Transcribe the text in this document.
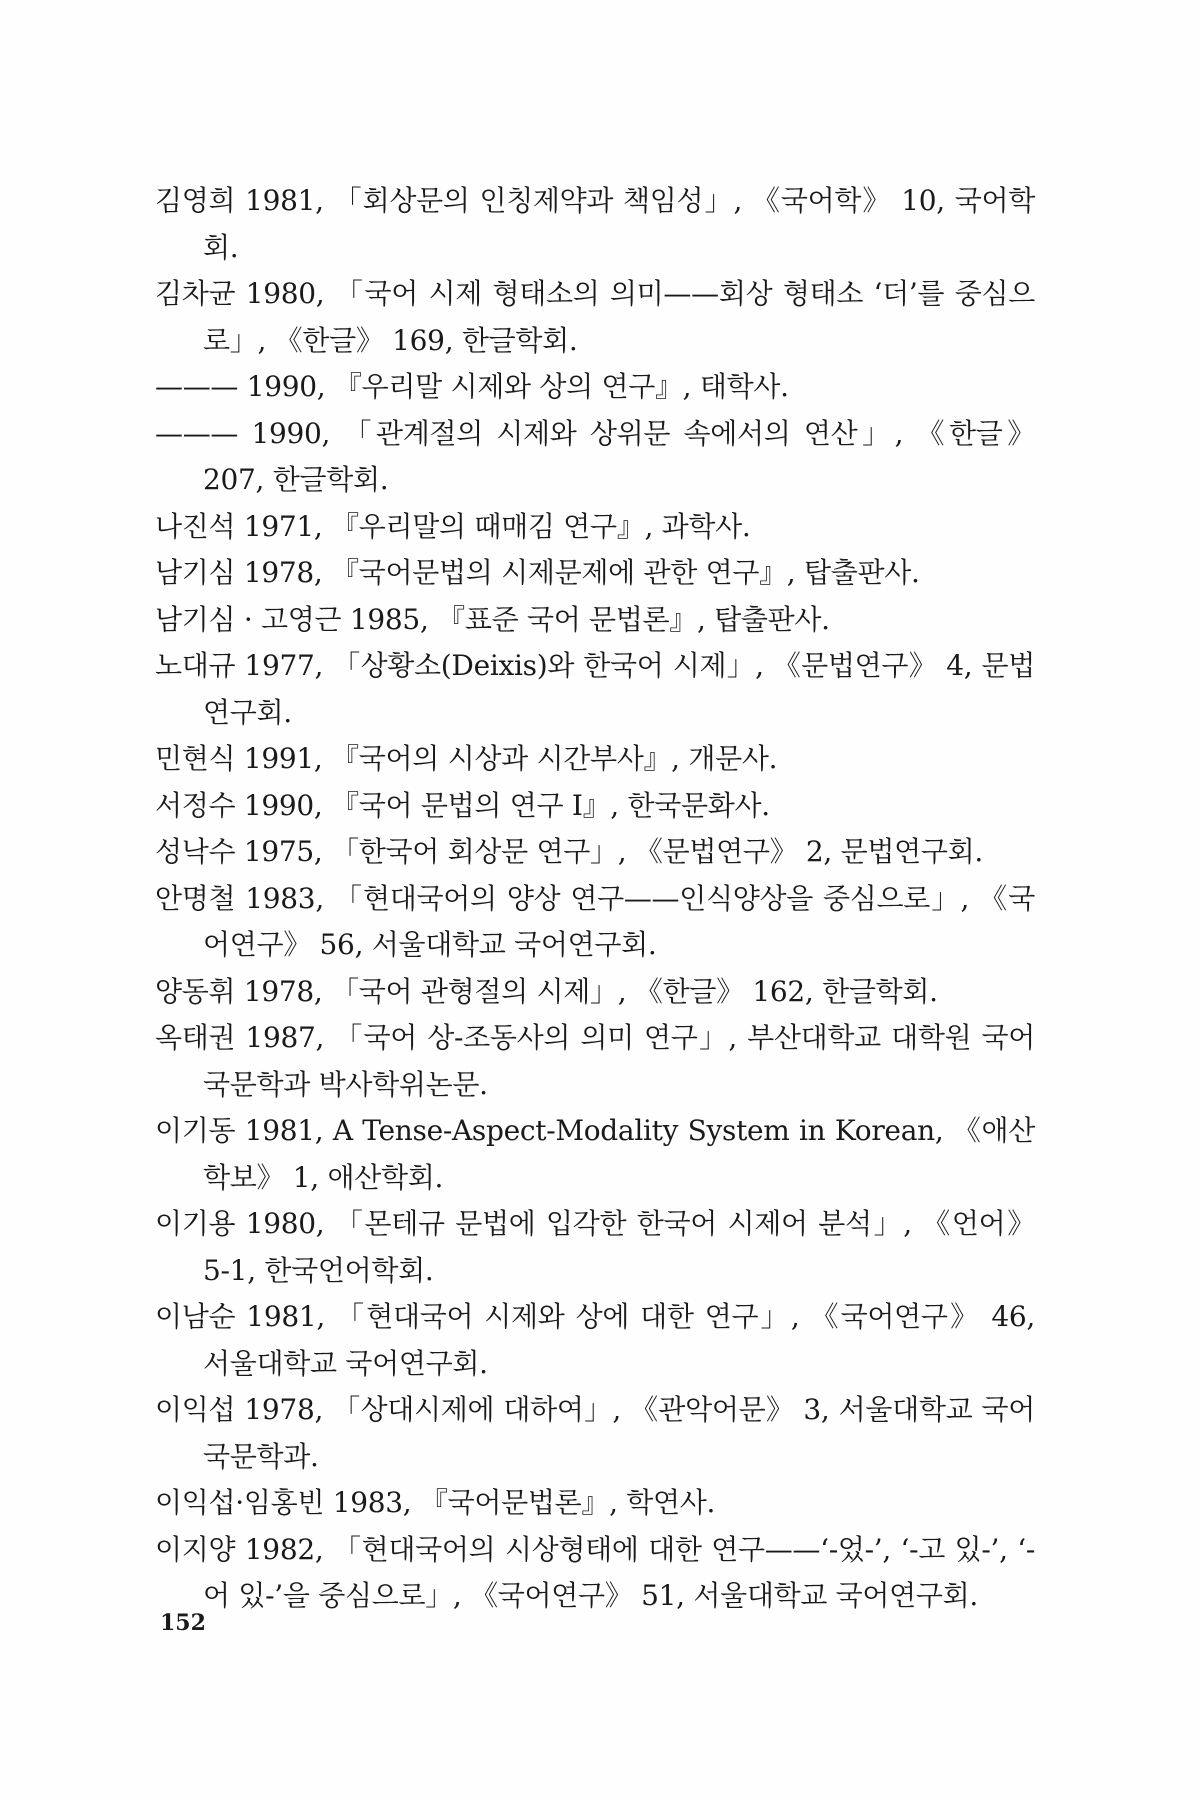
김영희 1981, 「회상문의 인칭제약과 책임성」, 《국어학》 10, 국어학회.

김차균 1980, 「국어 시제 형태소의 의미——회상 형태소 ‘더’를 중심으로」, 《한글》 169, 한글학회.

——— 1990, 『우리말 시제와 상의 연구』, 태학사.

——— 1990, 「관계절의 시제와 상위문 속에서의 연산」, 《한글》 207, 한글학회.

나진석 1971, 『우리말의 때매김 연구』, 과학사.

남기심 1978, 『국어문법의 시제문제에 관한 연구』, 탑출판사.

남기심 · 고영근 1985, 『표준 국어 문법론』, 탑출판사.

노대규 1977, 「상황소(Deixis)와 한국어 시제」, 《문법연구》 4, 문법연구회.

민현식 1991, 『국어의 시상과 시간부사』, 개문사.

서정수 1990, 『국어 문법의 연구 I』, 한국문화사.

성낙수 1975, 「한국어 회상문 연구」, 《문법연구》 2, 문법연구회.

안명철 1983, 「현대국어의 양상 연구——인식양상을 중심으로」, 《국어연구》 56, 서울대학교 국어연구회.

양동휘 1978, 「국어 관형절의 시제」, 《한글》 162, 한글학회.

옥태권 1987, 「국어 상-조동사의 의미 연구」, 부산대학교 대학원 국어국문학과 박사학위논문.

이기동 1981, A Tense-Aspect-Modality System in Korean, 《애산학보》 1, 애산학회.

이기용 1980, 「몬테규 문법에 입각한 한국어 시제어 분석」, 《언어》 5-1, 한국언어학회.

이남순 1981, 「현대국어 시제와 상에 대한 연구」, 《국어연구》 46, 서울대학교 국어연구회.

이익섭 1978, 「상대시제에 대하여」, 《관악어문》 3, 서울대학교 국어국문학과.

이익섭·임홍빈 1983, 『국어문법론』, 학연사.

이지양 1982, 「현대국어의 시상형태에 대한 연구——‘-었-’, ‘-고 있-’, ‘-어 있-’을 중심으로」, 《국어연구》 51, 서울대학교 국어연구회.

152
